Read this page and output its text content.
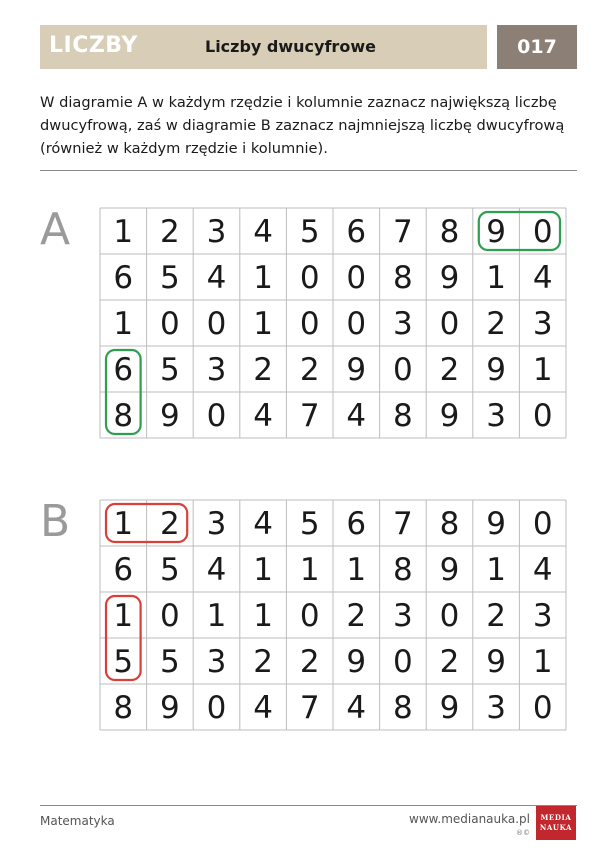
LICZBY	Liczby dwucyfrowe	017
W diagramie A w każdym rzędzie i kolumnie zaznacz największą liczbę dwucyfrową, zaś w diagramie B zaznacz najmniejszą liczbę dwucyfrową (również w każdym rzędzie i kolumnie).
A 1 2 3 4 5 6 7 8 9 0
6 5 4 1 0 0 8 9 1 4
1 0 0 1 0 0 3 0 2 3
6 5 3 2 2 9 0 2 9 1
8 9 0 4 7 4 8 9 3 0
B 1 2 3 4 5 6 7 8 9 0
6 5 4 1 1 1 8 9 1 4
1 0 1 1 0 2 3 0 2 3
5 5 3 2 2 9 0 2 9 1
8 9 0 4 7 4 8 9 3 0
Matematyka	www.medianauka.pl
®©
MEDIA
NAUKA
